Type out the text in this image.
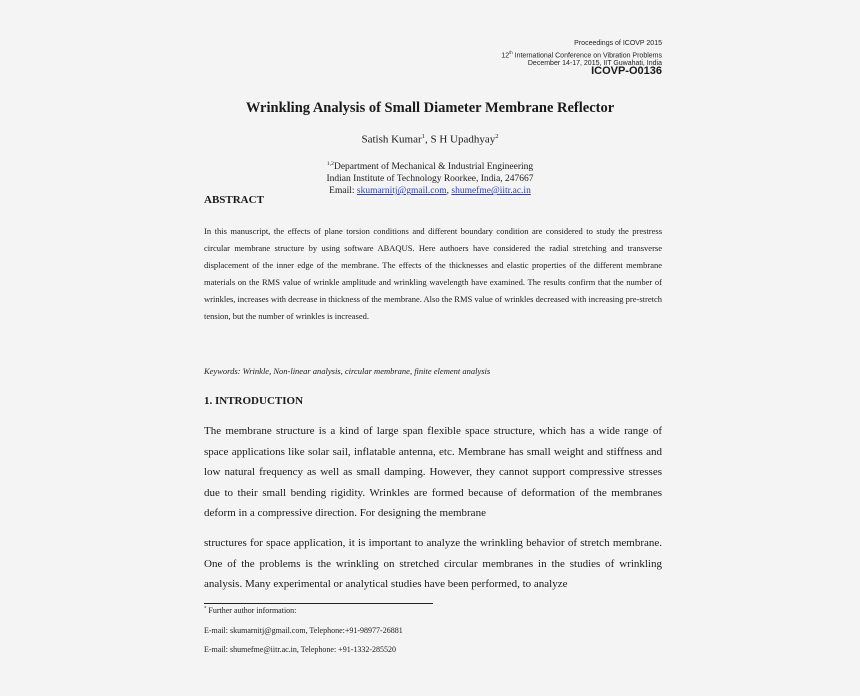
Proceedings of ICOVP 2015
12th International Conference on Vibration Problems
December 14-17, 2015, IIT Guwahati, India
ICOVP-O0136
Wrinkling Analysis of Small Diameter Membrane Reflector
Satish Kumar$^1$, S H Upadhyay$^2$
$^{1,2}$Department of Mechanical & Industrial Engineering
Indian Institute of Technology Roorkee, India, 247667
Email: skumarnitj@gmail.com, shumefme@iitr.ac.in
ABSTRACT
In this manuscript, the effects of plane torsion conditions and different boundary condition are considered to study the prestress circular membrane structure by using software ABAQUS. Here authoers have considered the radial stretching and transverse displacement of the inner edge of the membrane. The effects of the thicknesses and elastic properties of the different membrane materials on the RMS value of wrinkle amplitude and wrinkling wavelength have examined. The results confirm that the number of wrinkles, increases with decrease in thickness of the membrane. Also the RMS value of wrinkles decreased with increasing pre-stretch tension, but the number of wrinkles is increased.
Keywords: Wrinkle, Non-linear analysis, circular membrane, finite element analysis
1. INTRODUCTION
The membrane structure is a kind of large span flexible space structure, which has a wide range of space applications like solar sail, inflatable antenna, etc. Membrane has small weight and stiffness and low natural frequency as well as small damping. However, they cannot support compressive stresses due to their small bending rigidity. Wrinkles are formed because of deformation of the membranes deform in a compressive direction. For designing the membrane
structures for space application, it is important to analyze the wrinkling behavior of stretch membrane. One of the problems is the wrinkling on stretched circular membranes in the studies of wrinkling analysis. Many experimental or analytical studies have been performed, to analyze
* Further author information:
E-mail: skumarnitj@gmail.com, Telephone:+91-98977-26881
E-mail: shumefme@iitr.ac.in, Telephone: +91-1332-285520
